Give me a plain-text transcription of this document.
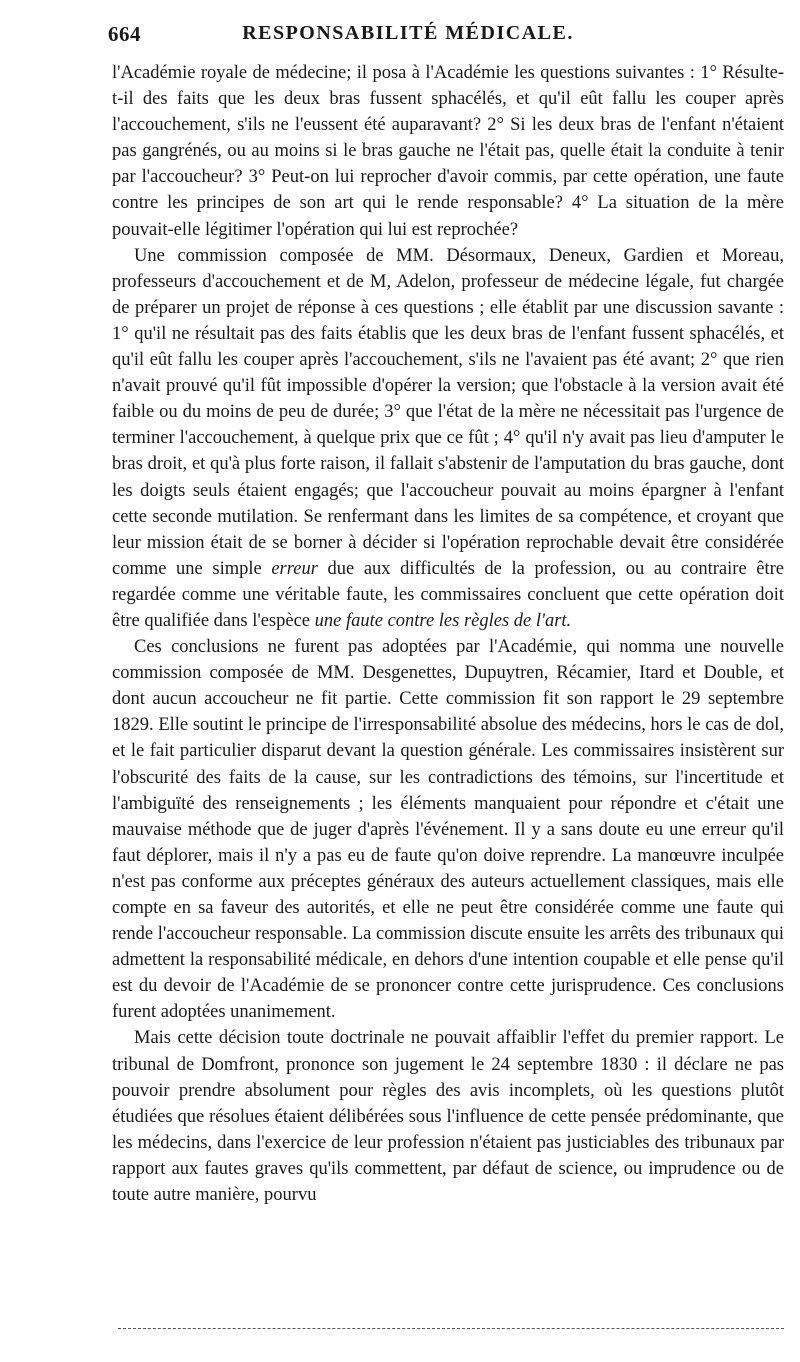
664	RESPONSABILITÉ MÉDICALE.

l'Académie royale de médecine; il posa à l'Académie les questions suivantes : 1° Résulte-t-il des faits que les deux bras fussent sphacélés, et qu'il eût fallu les couper après l'accouchement, s'ils ne l'eussent été auparavant? 2° Si les deux bras de l'enfant n'étaient pas gangrénés, ou au moins si le bras gauche ne l'était pas, quelle était la conduite à tenir par l'accoucheur? 3° Peut-on lui reprocher d'avoir commis, par cette opération, une faute contre les principes de son art qui le rende responsable? 4° La situation de la mère pouvait-elle légitimer l'opération qui lui est reprochée?

Une commission composée de MM. Désormaux, Deneux, Gardien et Moreau, professeurs d'accouchement et de M, Adelon, professeur de médecine légale, fut chargée de préparer un projet de réponse à ces questions ; elle établit par une discussion savante : 1° qu'il ne résultait pas des faits établis que les deux bras de l'enfant fussent sphacélés, et qu'il eût fallu les couper après l'accouchement, s'ils ne l'avaient pas été avant; 2° que rien n'avait prouvé qu'il fût impossible d'opérer la version; que l'obstacle à la version avait été faible ou du moins de peu de durée; 3° que l'état de la mère ne nécessitait pas l'urgence de terminer l'accouchement, à quelque prix que ce fût ; 4° qu'il n'y avait pas lieu d'amputer le bras droit, et qu'à plus forte raison, il fallait s'abstenir de l'amputation du bras gauche, dont les doigts seuls étaient engagés; que l'accoucheur pouvait au moins épargner à l'enfant cette seconde mutilation. Se renfermant dans les limites de sa compétence, et croyant que leur mission était de se borner à décider si l'opération reprochable devait être considérée comme une simple erreur due aux difficultés de la profession, ou au contraire être regardée comme une véritable faute, les commissaires concluent que cette opération doit être qualifiée dans l'espèce une faute contre les règles de l'art.

Ces conclusions ne furent pas adoptées par l'Académie, qui nomma une nouvelle commission composée de MM. Desgenettes, Dupuytren, Récamier, Itard et Double, et dont aucun accoucheur ne fit partie. Cette commission fit son rapport le 29 septembre 1829. Elle soutint le principe de l'irresponsabilité absolue des médecins, hors le cas de dol, et le fait particulier disparut devant la question générale. Les commissaires insistèrent sur l'obscurité des faits de la cause, sur les contradictions des témoins, sur l'incertitude et l'ambiguïté des renseignements ; les éléments manquaient pour répondre et c'était une mauvaise méthode que de juger d'après l'événement. Il y a sans doute eu une erreur qu'il faut déplorer, mais il n'y a pas eu de faute qu'on doive reprendre. La manœuvre inculpée n'est pas conforme aux préceptes généraux des auteurs actuellement classiques, mais elle compte en sa faveur des autorités, et elle ne peut être considérée comme une faute qui rende l'accoucheur responsable. La commission discute ensuite les arrêts des tribunaux qui admettent la responsabilité médicale, en dehors d'une intention coupable et elle pense qu'il est du devoir de l'Académie de se prononcer contre cette jurisprudence. Ces conclusions furent adoptées unanimement.

Mais cette décision toute doctrinale ne pouvait affaiblir l'effet du premier rapport. Le tribunal de Domfront, prononce son jugement le 24 septembre 1830 : il déclare ne pas pouvoir prendre absolument pour règles des avis incomplets, où les questions plutôt étudiées que résolues étaient délibérées sous l'influence de cette pensée prédominante, que les médecins, dans l'exercice de leur profession n'étaient pas justiciables des tribunaux par rapport aux fautes graves qu'ils commettent, par défaut de science, ou imprudence ou de toute autre manière, pourvu
